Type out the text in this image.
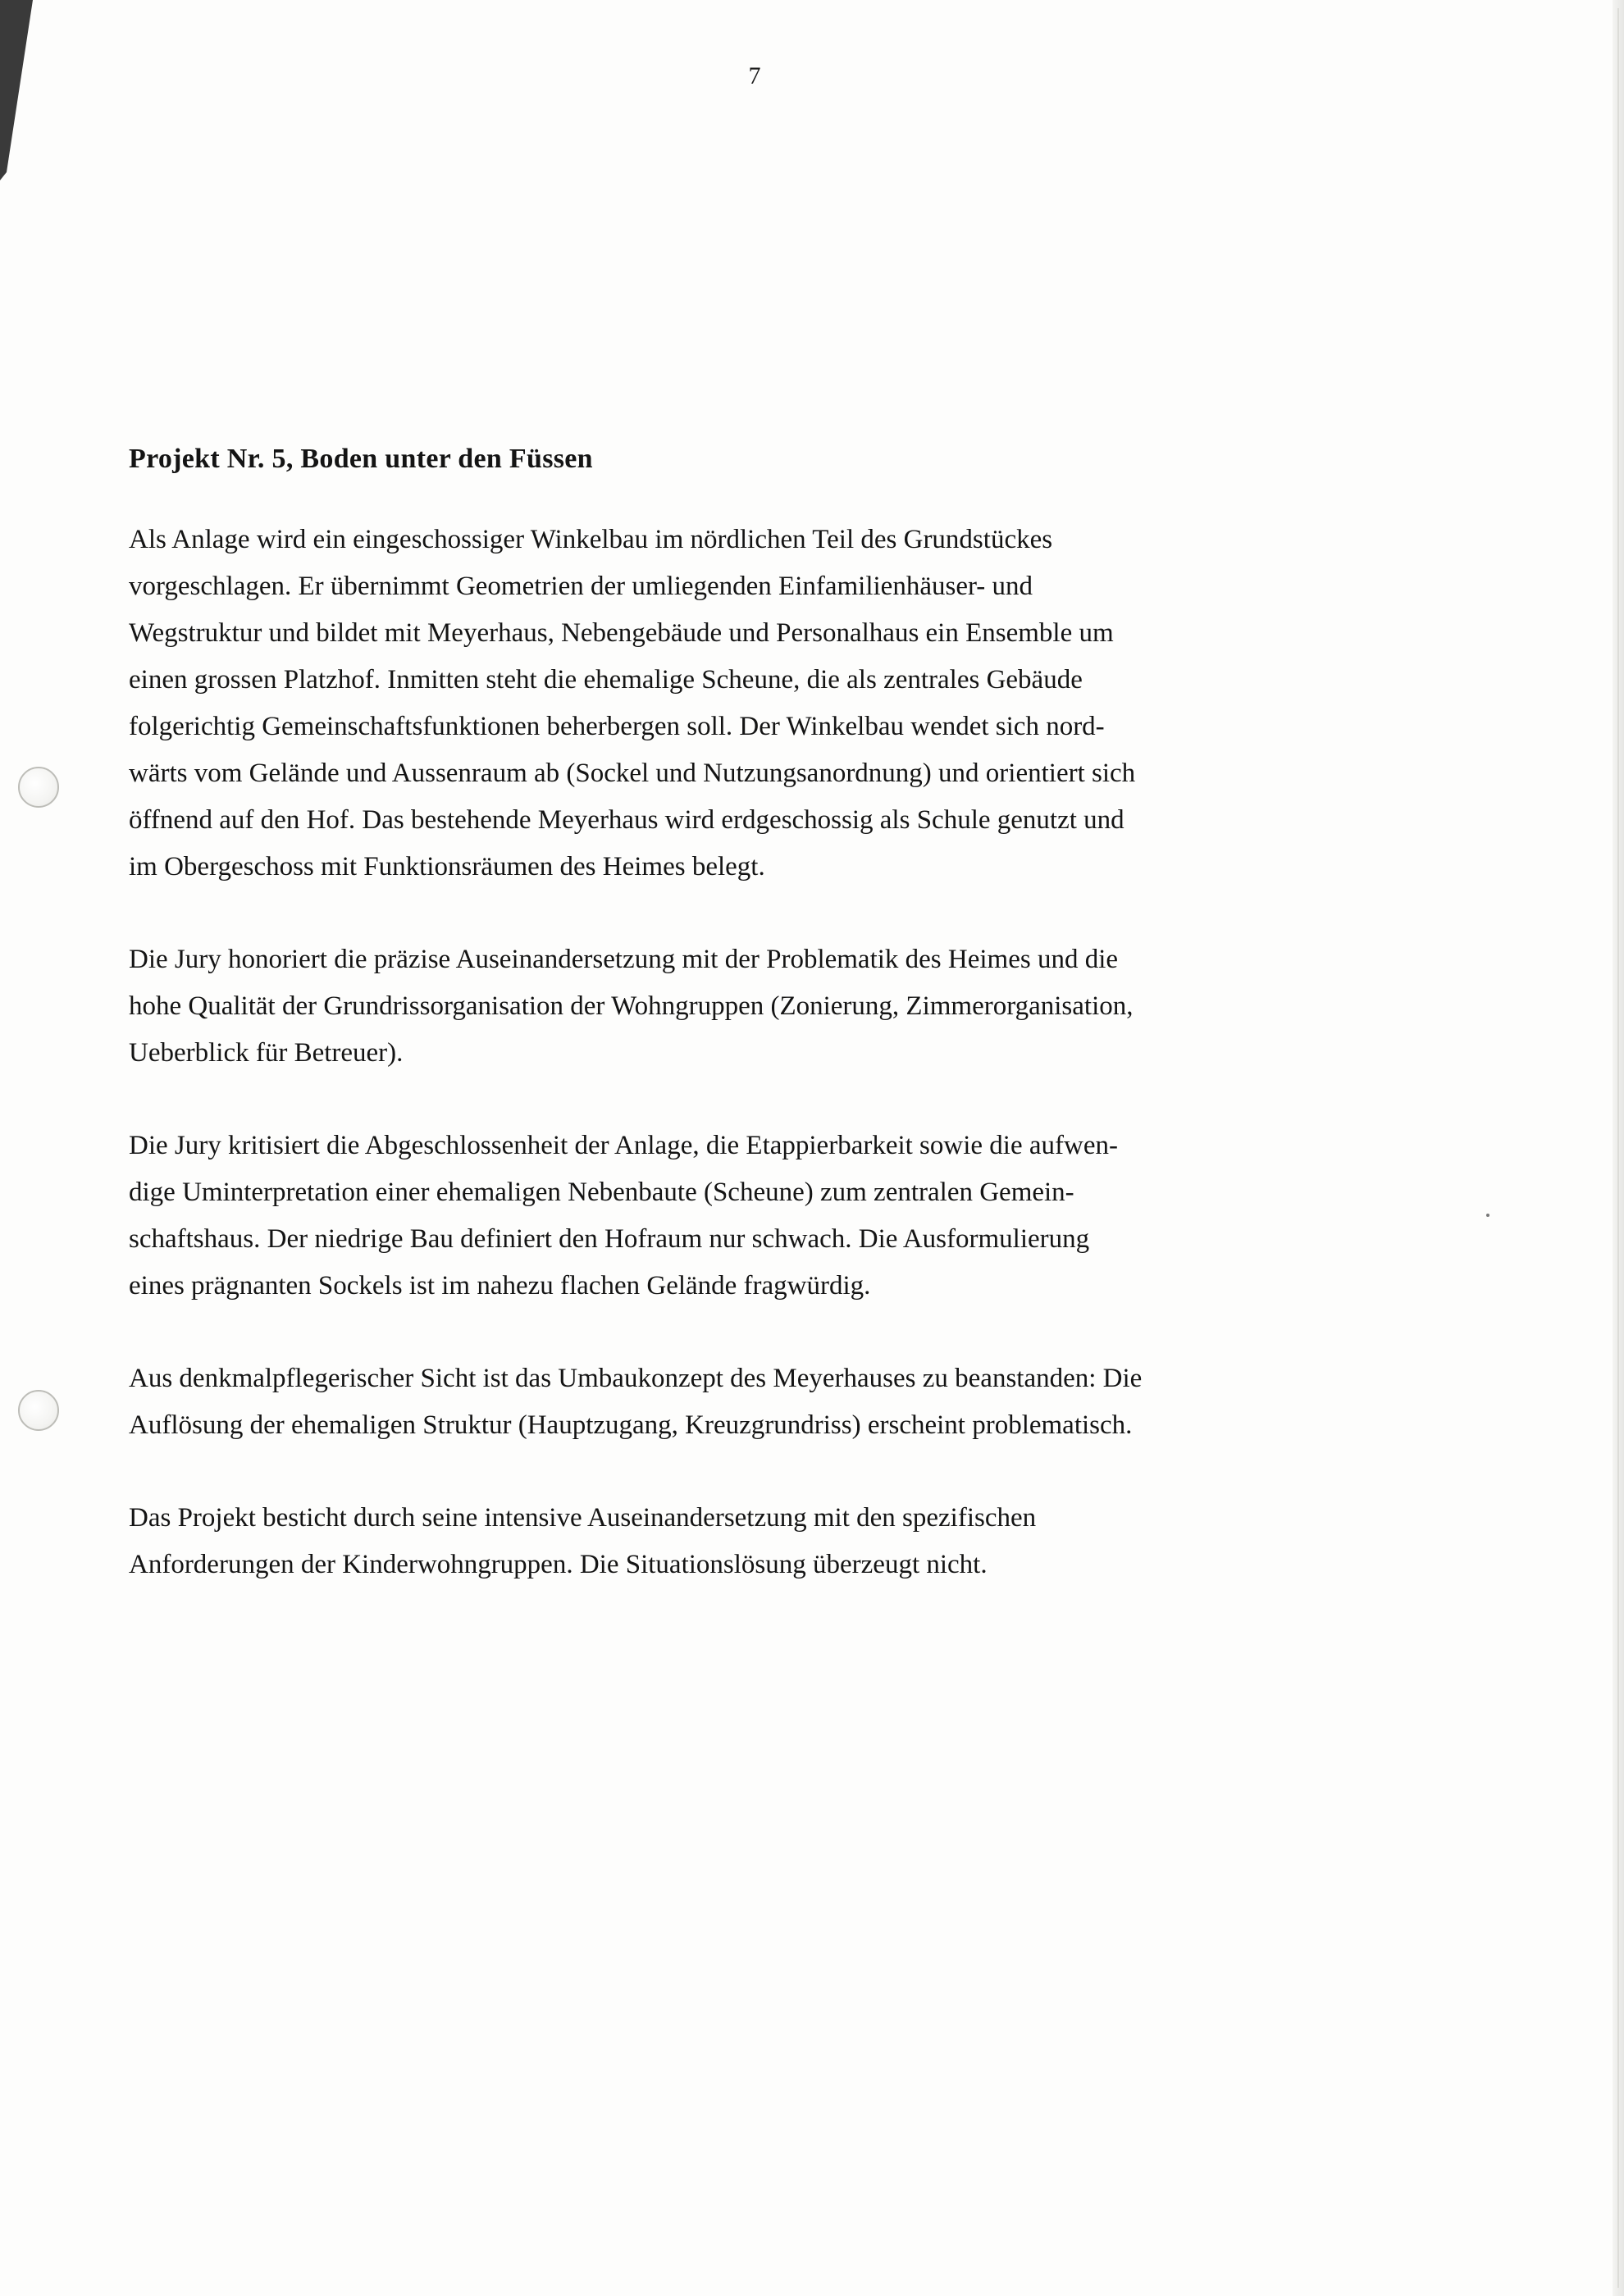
7
Projekt Nr. 5, Boden unter den Füssen

Als Anlage wird ein eingeschossiger Winkelbau im nördlichen Teil des Grundstückes
vorgeschlagen. Er übernimmt Geometrien der umliegenden Einfamilienhäuser- und
Wegstruktur und bildet mit Meyerhaus, Nebengebäude und Personalhaus ein Ensemble um
einen grossen Platzhof. Inmitten steht die ehemalige Scheune, die als zentrales Gebäude
folgerichtig Gemeinschaftsfunktionen beherbergen soll. Der Winkelbau wendet sich nord-
wärts vom Gelände und Aussenraum ab (Sockel und Nutzungsanordnung) und orientiert sich
öffnend auf den Hof. Das bestehende Meyerhaus wird erdgeschossig als Schule genutzt und
im Obergeschoss mit Funktionsräumen des Heimes belegt.

Die Jury honoriert die präzise Auseinandersetzung mit der Problematik des Heimes und die
hohe Qualität der Grundrissorganisation der Wohngruppen (Zonierung, Zimmerorganisation,
Ueberblick für Betreuer).

Die Jury kritisiert die Abgeschlossenheit der Anlage, die Etappierbarkeit sowie die aufwen-
dige Uminterpretation einer ehemaligen Nebenbaute (Scheune) zum zentralen Gemein-
schaftshaus. Der niedrige Bau definiert den Hofraum nur schwach. Die Ausformulierung
eines prägnanten Sockels ist im nahezu flachen Gelände fragwürdig.

Aus denkmalpflegerischer Sicht ist das Umbaukonzept des Meyerhauses zu beanstanden: Die
Auflösung der ehemaligen Struktur (Hauptzugang, Kreuzgrundriss) erscheint problematisch.

Das Projekt besticht durch seine intensive Auseinandersetzung mit den spezifischen
Anforderungen der Kinderwohngruppen. Die Situationslösung überzeugt nicht.
